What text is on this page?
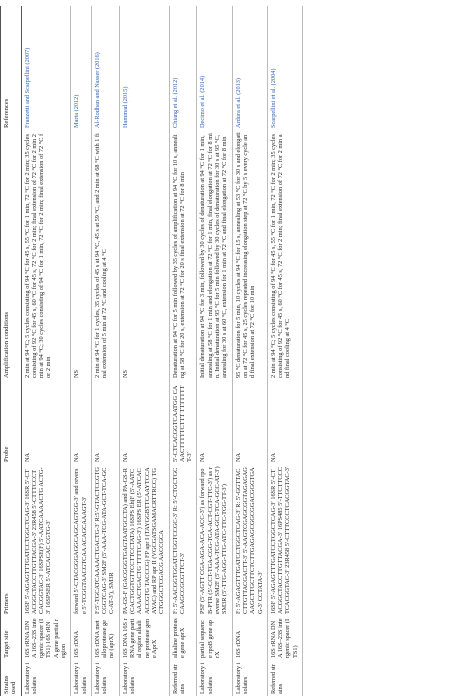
Strains used	Target site	Primers	Probe	Amplification conditions	References
Laboratory isolates	16S rRNA DNA 16S–23S intergenic spacer (ITS1) 16S rRNA gene partial region	16SF 5′-AGAGTTTGATCCTGGCTCAG-3′ 16SR 5′-CTACGGCTACCTTGTTACGA-3′ 23R458 5′-CTTTCCCTCACGGTAC-3′ 16SPSE(F) 5′-AATCAAAACTG ACTG-3′ 16SPSER 5′-ATCACAC CGTG-3′	NA	2 min at 94 °C; 5 cycles consisting of 94 °C for 45 s, 55 °C for 1 min, 72 °C for 2 min; 35 cycles consisting of 92 °C for 45 s, 60 °C for 45 s, 72 °C for 2 min; final extension of 72 °C for 2 min 2 min at 94 °C; 30 cycles consisting of 94 °C for 1 min, 72 °C for 2 min; final extension of 72 °C for 2 min	Franzetti and Scarpellini (2007)
Laboratory isolates	16S rDNA	forward 5′-CTACGGGAGGCAGCAGTGG-3′ and reverse 5′-TCGGTAACGTCAA ACAGCAAAGT-3′	NA	NS	Marta (2012)
Laboratory isolates	16S rDNA metalloprotease gene (aprX)	F:5′-TGCATCAAAACTGACTG-3′ R:5′-GTACTCCGTGCGGTCAG-3′ SM2F (5′-AAA-TCG-ATA-GCT-TCA-GCC-AT-3′), SM3R	NA	2 min at 94 °C for 1 cycles, 35 cycles of 45 s at 94 °C, 45 s at 59 °C, and 2 min at 68 °C with 1 final extension of 5 min at 72 °C and cooling at 4 °C	Al-Rodhan and Nasser (2016)
Laboratory isolates	16S DNA 16S rRNA gene partial region alkaline protease gene AprX	PA-GS-F (GACGGGTGAGTAATGCCTA) and PA-GS-R (CACTGGTGTTCCTTCCTATA) 16SPS Eh(F (5′-AATCAAAACTGACTG TTTTCAG-3′) 16SPS ER (5′-ATCACACCGTG TACCCG) FP apr I (TAYGGBTTCAAYTCCAAYAC) and RP apr II (VGCGATSGAMACRTTRCC) TGCTGGGCTCGACG AACCGCA	NA	NS	Hammad (2015)
Referred strains	alkaline protease gene aprX	F: 5′-AACGGTGGATCTGGTCCGC-3′ R: 5′-CTGCTGCCAAGCCGCGTTCT-3′	5′-CTCACGGTCAATGG CAAACTTTTTCTTT TTTTTTTT-3′	Denaturation at 94 °C for 5 min followed by 35 cycles of amplification at 94 °C for 10 s, annealing at 58 °C for 20 s, extension at 72 °C for 20 s final extension at 72 °C for 8 min	Chiang et al. (2012)
Laboratory isolates	partial sequence rpoB gene aprX	PSF (5′-AGTT CGA-AGA-ACA-ACC-3′) as forward rpoB-PTR (5′-CCT-TGA-CGG-TGA-ACT-CGT-TTC-3′) as reverse SM2F (5′-AAA-TCG-ATA-GCT-TCA-GCC-AT-3′) SM3R (5′-TTG-AGG-TTG-ATC-TTC-TGG-TT-3′)	NA	Initial denaturation at 94 °C for 3 min, followed by 30 cycles of denaturation at 94 °C for 1 min, annealing at 58 °C for 1 min and elongation at 72 °C for 1 min, final elongation at 72 °C for 8 min. Initial denaturation at 95 °C for 5 min followed by 30 cycles of denaturation for 30 s at 95 °C, annealing for 30 s at 60 °C, extension for 1 min at 72 °C and final elongation at 72 °C for 8 min	Decimo et al. (2014)
Laboratory isolates	16S rDNA	F: 5′-AGAGTTTGATCCTGGCTCAG-3′ R: 5′-GGTTACCTTGTTACGACTT-3′ 5′-AAGTCGAGCGGTAGAGAGAAGCTTGCTTCTCTTGAGAGCGGCGGACGGGTGAG-3′ CCTATA-3′	NA	95 °C denaturation for 5 min, 10 cycles at 94 °C for 15 s, annealing at 53 °C for 30 s and elongation at 72 °C for 45 s, 25 cycles repeated increasing elongation step at 72 °C by 5 s every cycle and final extension at 72 °C for 10 min	Ardura et al. (2013)
Referred strains	16S rRNA DNA 16S–23S intergenic spacer (ITS1)	16SF 5′-AGAGTTTGATCCTGGCTCAG-3′ 16SR 5′-CTACGGCTACCTTGTTACGA-3′ 16PS485 5′-TTCTTCCCTCACGGTAC-3′ 23R458 5′-CTTTCCCTCACGGTAC-3′	NA	2 min at 94 °C; 5 cycles consisting of 94 °C for 45 s, 55 °C for 1 min, 72 °C for 2 min; 35 cycles consisting of 92 °C for 45 s, 60 °C for 45 s, 72 °C for 2 min; final extension of 72 °C for 2 min and final cooling at 4 °C	Scarpellini et al. (2004)
